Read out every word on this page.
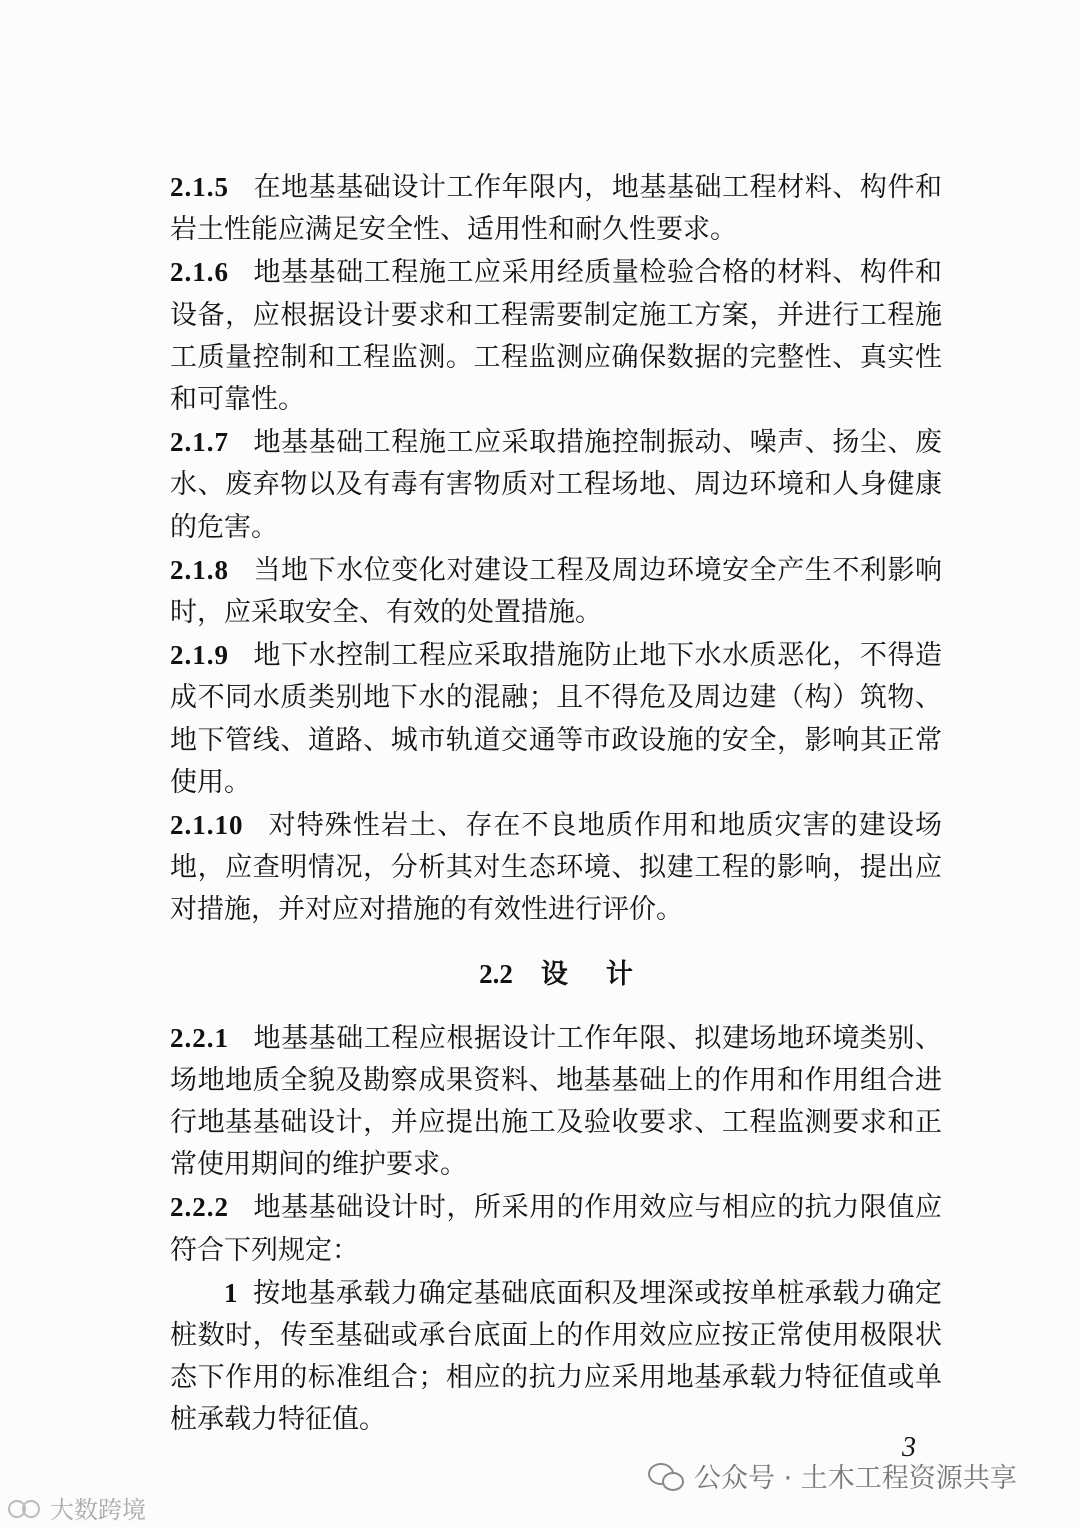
2.1.5 在地基基础设计工作年限内，地基基础工程材料、构件和岩土性能应满足安全性、适用性和耐久性要求。

2.1.6 地基基础工程施工应采用经质量检验合格的材料、构件和设备，应根据设计要求和工程需要制定施工方案，并进行工程施工质量控制和工程监测。工程监测应确保数据的完整性、真实性和可靠性。

2.1.7 地基基础工程施工应采取措施控制振动、噪声、扬尘、废水、废弃物以及有毒有害物质对工程场地、周边环境和人身健康的危害。

2.1.8 当地下水位变化对建设工程及周边环境安全产生不利影响时，应采取安全、有效的处置措施。

2.1.9 地下水控制工程应采取措施防止地下水水质恶化，不得造成不同水质类别地下水的混融；且不得危及周边建（构）筑物、地下管线、道路、城市轨道交通等市政设施的安全，影响其正常使用。

2.1.10 对特殊性岩土、存在不良地质作用和地质灾害的建设场地，应查明情况，分析其对生态环境、拟建工程的影响，提出应对措施，并对应对措施的有效性进行评价。

2.2 设计

2.2.1 地基基础工程应根据设计工作年限、拟建场地环境类别、场地地质全貌及勘察成果资料、地基基础上的作用和作用组合进行地基基础设计，并应提出施工及验收要求、工程监测要求和正常使用期间的维护要求。

2.2.2 地基基础设计时，所采用的作用效应与相应的抗力限值应符合下列规定：

1 按地基承载力确定基础底面积及埋深或按单桩承载力确定桩数时，传至基础或承台底面上的作用效应应按正常使用极限状态下作用的标准组合；相应的抗力应采用地基承载力特征值或单桩承载力特征值。

3
公众号 · 土木工程资源共享
大数跨境
